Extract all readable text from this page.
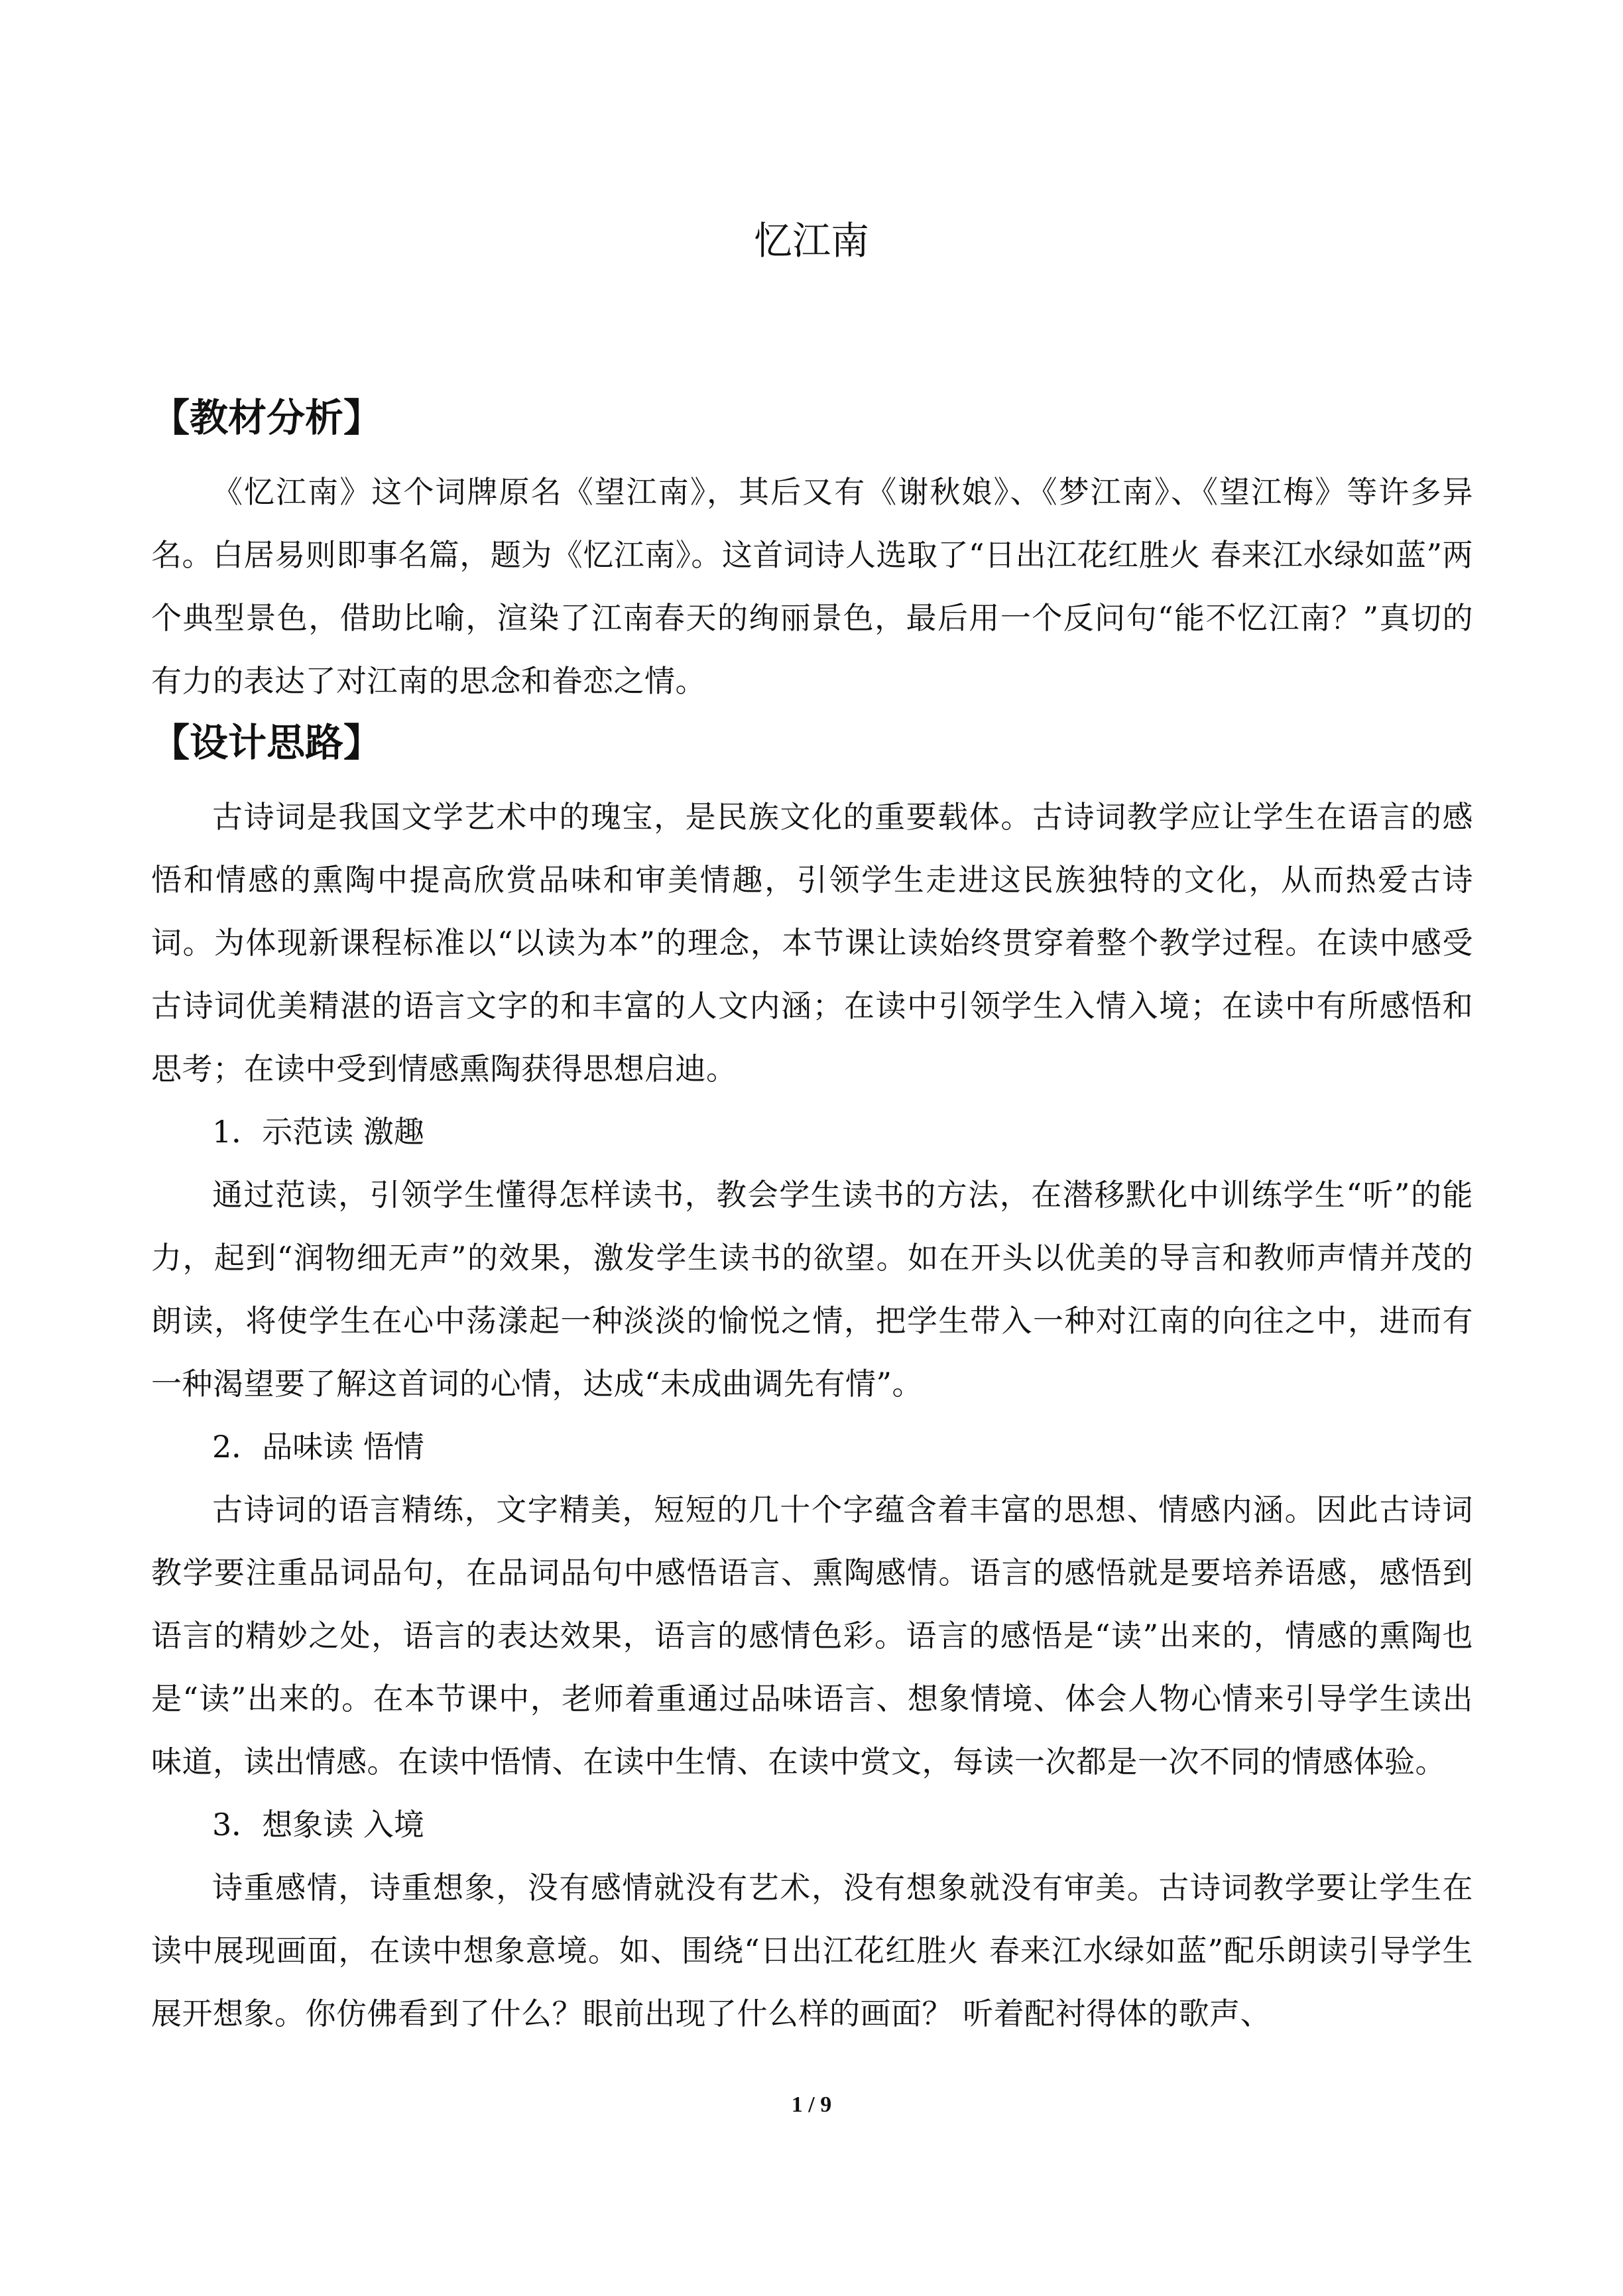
忆江南
【教材分析】

《忆江南》这个词牌原名《望江南》，其后又有《谢秋娘》、《梦江南》、《望江梅》等许多异名。白居易则即事名篇，题为《忆江南》。这首词诗人选取了“日出江花红胜火 春来江水绿如蓝”两个典型景色，借助比喻，渲染了江南春天的绚丽景色，最后用一个反问句“能不忆江南？”真切的有力的表达了对江南的思念和眷恋之情。

【设计思路】

古诗词是我国文学艺术中的瑰宝，是民族文化的重要载体。古诗词教学应让学生在语言的感悟和情感的熏陶中提高欣赏品味和审美情趣，引领学生走进这民族独特的文化，从而热爱古诗词。为体现新课程标准以“以读为本”的理念，本节课让读始终贯穿着整个教学过程。在读中感受古诗词优美精湛的语言文字的和丰富的人文内涵；在读中引领学生入情入境；在读中有所感悟和思考；在读中受到情感熏陶获得思想启迪。

1．示范读 激趣

通过范读，引领学生懂得怎样读书，教会学生读书的方法，在潜移默化中训练学生“听”的能力，起到“润物细无声”的效果，激发学生读书的欲望。如在开头以优美的导言和教师声情并茂的朗读，将使学生在心中荡漾起一种淡淡的愉悦之情，把学生带入一种对江南的向往之中，进而有一种渴望要了解这首词的心情，达成“未成曲调先有情”。

2．品味读 悟情

古诗词的语言精练，文字精美，短短的几十个字蕴含着丰富的思想、情感内涵。因此古诗词教学要注重品词品句，在品词品句中感悟语言、熏陶感情。语言的感悟就是要培养语感，感悟到语言的精妙之处，语言的表达效果，语言的感情色彩。语言的感悟是“读”出来的，情感的熏陶也是“读”出来的。在本节课中，老师着重通过品味语言、想象情境、体会人物心情来引导学生读出味道，读出情感。在读中悟情、在读中生情、在读中赏文，每读一次都是一次不同的情感体验。

3．想象读 入境

诗重感情，诗重想象，没有感情就没有艺术，没有想象就没有审美。古诗词教学要让学生在读中展现画面，在读中想象意境。如、围绕“日出江花红胜火 春来江水绿如蓝”配乐朗读引导学生展开想象。你仿佛看到了什么？眼前出现了什么样的画面？ 听着配衬得体的歌声、

1 / 9
